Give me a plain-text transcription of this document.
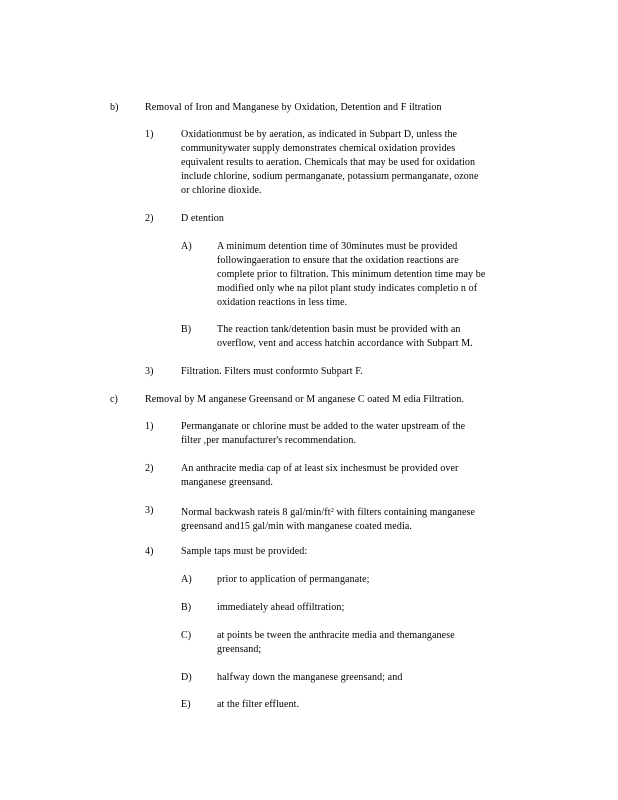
b)	Removal of Iron and Manganese by Oxidation, Detention and F iltration

1)	Oxidationmust be by aeration, as indicated in Subpart D, unless the
communitywater supply demonstrates chemical oxidation provides
equivalent results to aeration. Chemicals that may be used for oxidation
include chlorine, sodium permanganate, potassium permanganate, ozone
or chlorine dioxide.

2)	D etention

A)	A minimum detention time of 30minutes must be provided
followingaeration to ensure that the oxidation reactions are
complete prior to filtration. This minimum detention time may be
modified only whe na pilot plant study indicates completio n of
oxidation reactions in less time.

B)	The reaction tank/detention basin must be provided with an
overflow, vent and access hatchin accordance with Subpart M.

3)	Filtration. Filters must conformto Subpart F.

c)	Removal by M anganese Greensand or M anganese C oated M edia Filtration.

1)	Permanganate or chlorine must be added to the water upstream of the
filter ,per manufacturer's recommendation.

2)	An anthracite media cap of at least six inchesmust be provided over
manganese greensand.

3)	Normal backwash rateis 8 gal/$\min/ft^2$ with filters containing manganese
greensand and15 gal/min with manganese coated media.

4)	Sample taps must be provided:

A)	prior to application of permanganate;

B)	immediately ahead offiltration;

C)	at points be tween the anthracite media and themanganese
greensand;

D)	halfway down the manganese greensand; and

E)	at the filter effluent.
